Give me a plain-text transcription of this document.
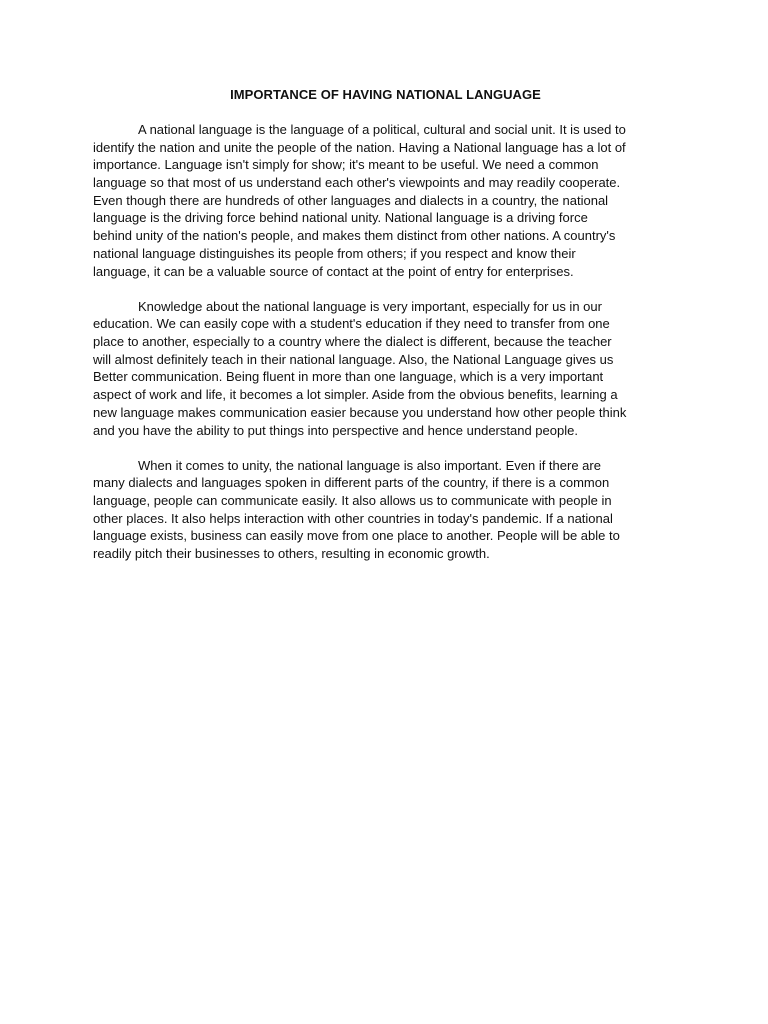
IMPORTANCE OF HAVING NATIONAL LANGUAGE

A national language is the language of a political, cultural and social unit. It is used to
identify the nation and unite the people of the nation. Having a National language has a lot of
importance. Language isn't simply for show; it's meant to be useful. We need a common
language so that most of us understand each other's viewpoints and may readily cooperate.
Even though there are hundreds of other languages and dialects in a country, the national
language is the driving force behind national unity. National language is a driving force
behind unity of the nation's people, and makes them distinct from other nations. A country's
national language distinguishes its people from others; if you respect and know their
language, it can be a valuable source of contact at the point of entry for enterprises.

Knowledge about the national language is very important, especially for us in our
education. We can easily cope with a student's education if they need to transfer from one
place to another, especially to a country where the dialect is different, because the teacher
will almost definitely teach in their national language. Also, the National Language gives us
Better communication. Being fluent in more than one language, which is a very important
aspect of work and life, it becomes a lot simpler. Aside from the obvious benefits, learning a
new language makes communication easier because you understand how other people think
and you have the ability to put things into perspective and hence understand people.

When it comes to unity, the national language is also important. Even if there are
many dialects and languages spoken in different parts of the country, if there is a common
language, people can communicate easily. It also allows us to communicate with people in
other places. It also helps interaction with other countries in today's pandemic. If a national
language exists, business can easily move from one place to another. People will be able to
readily pitch their businesses to others, resulting in economic growth.
